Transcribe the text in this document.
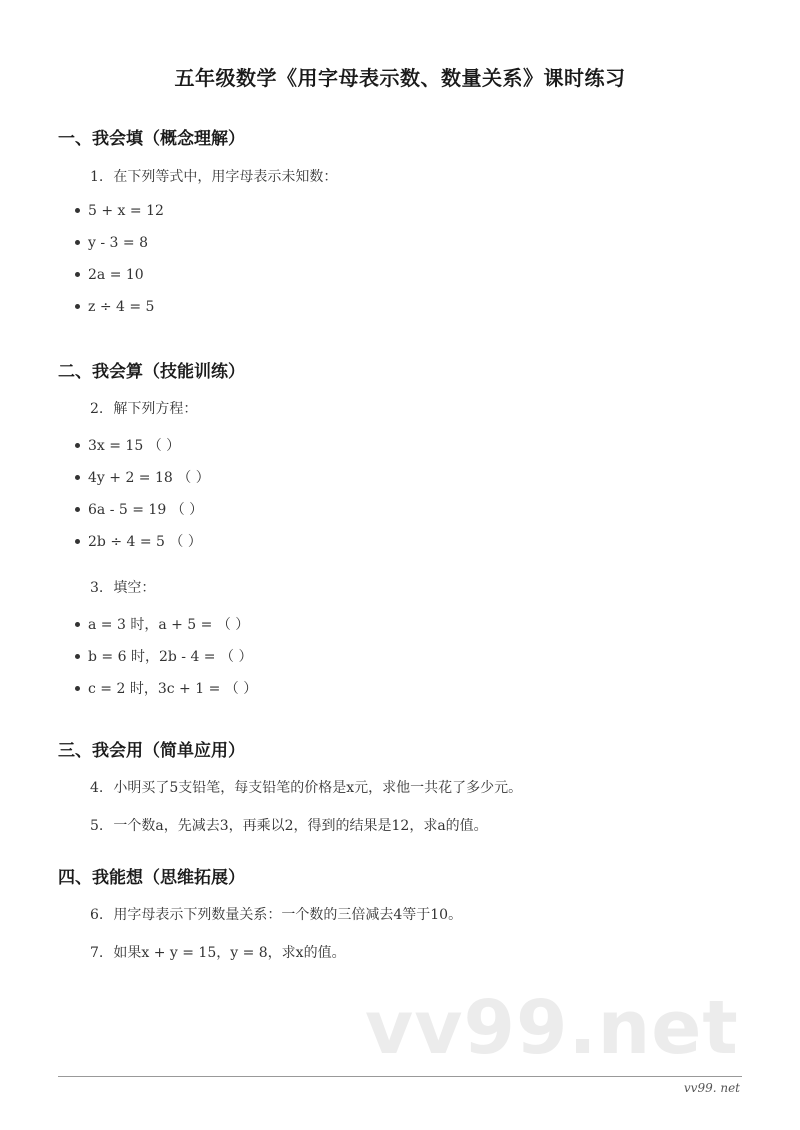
五年级数学《用字母表示数、数量关系》课时练习
一、我会填（概念理解）
1. 在下列等式中，用字母表示未知数：
5 + x = 12
y - 3 = 8
2a = 10
z ÷ 4 = 5
二、我会算（技能训练）
2. 解下列方程：
3x = 15 （ ）
4y + 2 = 18 （ ）
6a - 5 = 19 （ ）
2b ÷ 4 = 5 （ ）
3. 填空：
a = 3 时，a + 5 = （ ）
b = 6 时，2b - 4 = （ ）
c = 2 时，3c + 1 = （ ）
三、我会用（简单应用）
4. 小明买了5支铅笔，每支铅笔的价格是x元，求他一共花了多少元。
5. 一个数a，先减去3，再乘以2，得到的结果是12，求a的值。
四、我能想（思维拓展）
6. 用字母表示下列数量关系：一个数的三倍减去4等于10。
7. 如果x + y = 15，y = 8，求x的值。
vv99.net
vv99. net
